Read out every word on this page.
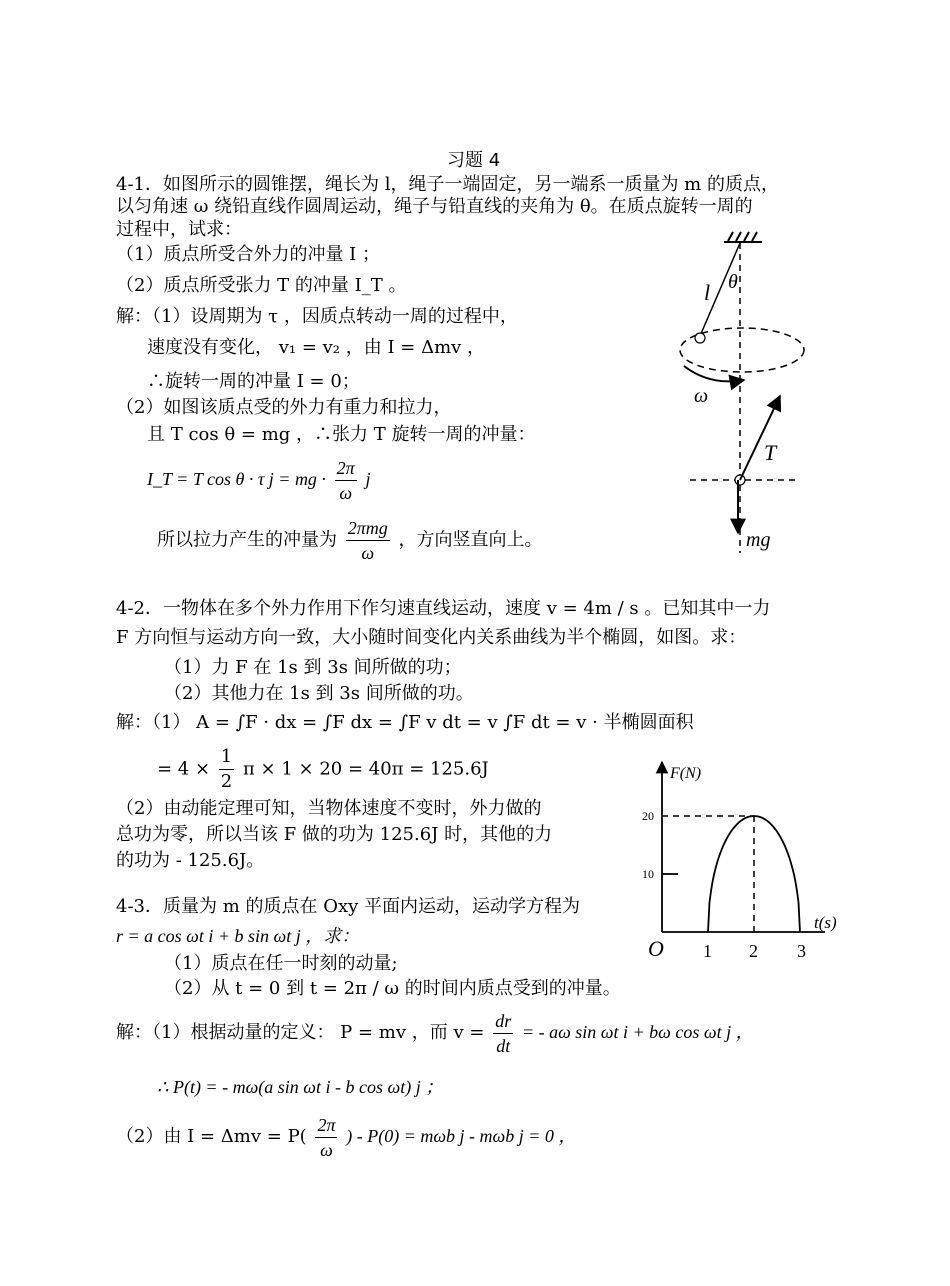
习题 4
4-1．如图所示的圆锥摆，绳长为 l，绳子一端固定，另一端系一质量为 m 的质点，
以匀角速 ω 绕铅直线作圆周运动，绳子与铅直线的夹角为 θ。在质点旋转一周的
过程中，试求：
（1）质点所受合外力的冲量 I ；
（2）质点所受张力 T 的冲量 I_T 。
解：（1）设周期为 τ ，因质点转动一周的过程中，
速度没有变化， v₁ = v₂ ，由 I = Δmv ，
∴旋转一周的冲量 I = 0；
（2）如图该质点受的外力有重力和拉力，
且 T cos θ = mg ，∴张力 T 旋转一周的冲量：
I_T = T cos θ · τ j = mg · $\frac{2\pi}{\omega}$ j
所以拉力产生的冲量为 $\frac{\text{2πmg}}{\omega}$ ，方向竖直向上。
l θ
ω
T
mg
4-2．一物体在多个外力作用下作匀速直线运动，速度 v = 4m / s 。已知其中一力
F 方向恒与运动方向一致，大小随时间变化内关系曲线为半个椭圆，如图。求：
（1）力 F 在 1s 到 3s 间所做的功；
（2）其他力在 1s 到 3s 间所做的功。
解：（1） A = ∫F · dx = ∫F dx = ∫F v dt = v ∫F dt = v · 半椭圆面积
= $4 \times \frac{1}{2}$ π × 1 × 20 = 40π = 125.6J
（2）由动能定理可知，当物体速度不变时，外力做的
总功为零，所以当该 F 做的功为 125.6J 时，其他的力
的功为 - 125.6J。
F(N)
t(s)
O
10
20
1 2 3
4-3．质量为 m 的质点在 Oxy 平面内运动，运动学方程为
r = a cos ωt i + b sin ωt j ，求：
（1）质点在任一时刻的动量;
（2）从 t = 0 到 t = 2π / ω 的时间内质点受到的冲量。
解：（1）根据动量的定义： P = mv ，而 $v = \frac{dr}{dt}$ = - aω sin ωt i + bω cos ωt j ，
∴ P(t) = - mω(a sin ωt i - b cos ωt) j ；
（2）由 $I = \Delta mv = P( \frac{2\pi}{\omega}$ ) - P(0) = mωb j - mωb j = 0 ，
